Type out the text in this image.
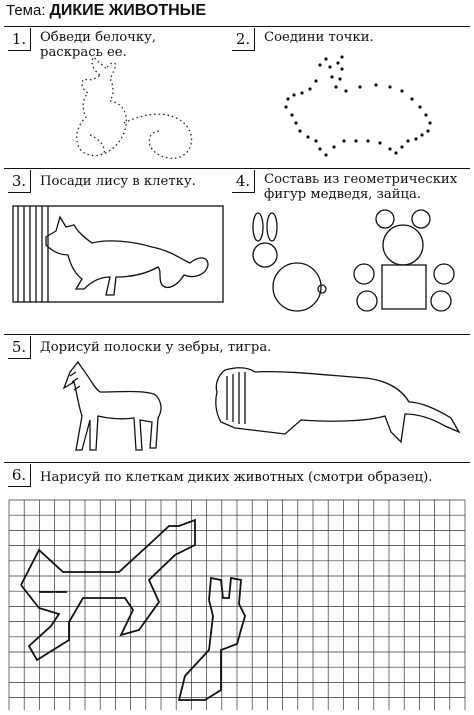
Тема: ДИКИЕ ЖИВОТНЫЕ
1.	Обведи белочку, раскрась ее.
2.	Соедини точки.
3.	Посади лису в клетку.	4.	Составь из геометрических фигур медведя, зайца.
5.	Дорисуй полоски у зебры, тигра.
6.	Нарисуй по клеткам диких животных (смотри образец).
